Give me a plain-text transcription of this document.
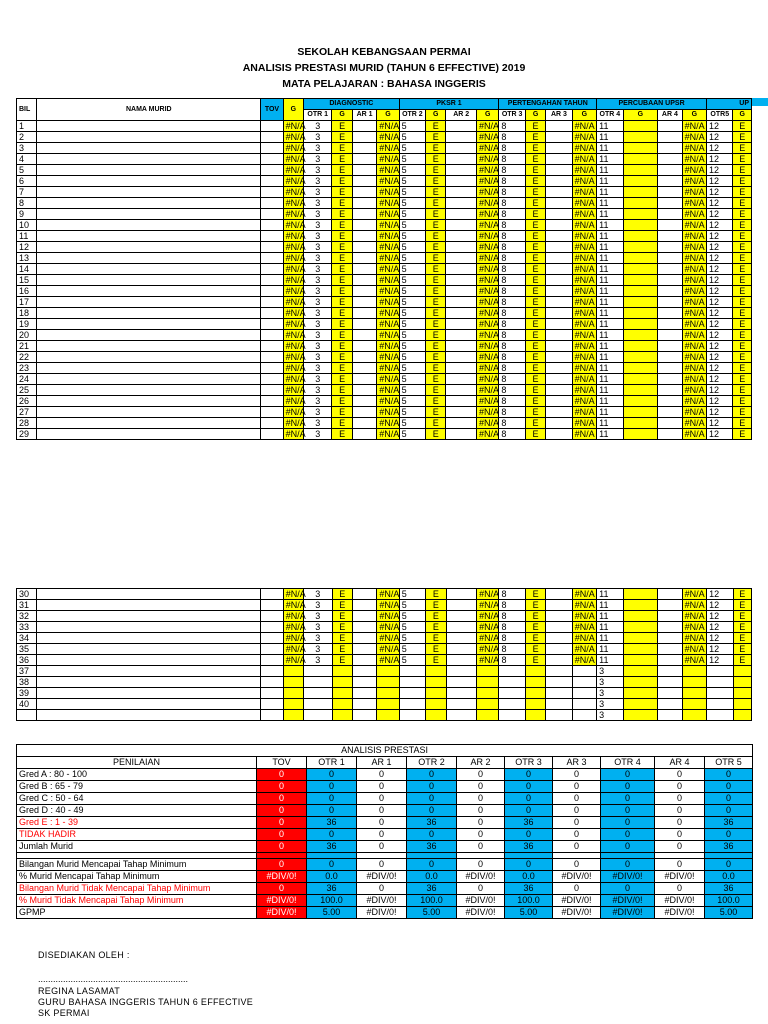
SEKOLAH KEBANGSAAN PERMAI
ANALISIS PRESTASI MURID (TAHUN 6 EFFECTIVE) 2019
MATA PELAJARAN : BAHASA INGGERIS
BIL	NAMA MURID	TOV	G	DIAGNOSTIC				PKSR 1				PERTENGAHAN TAHUN				PERCUBAAN UPSR				UP	
				OTR 1	G	AR 1	G	OTR 2	G	AR 2	G	OTR 3	G	AR 3	G	OTR 4	G	AR 4	G	OTR5	G
1			#N/A	3	E		#N/A	5	E		#N/A	8	E		#N/A	11			#N/A	12	E
2			#N/A	3	E		#N/A	5	E		#N/A	8	E		#N/A	11			#N/A	12	E
3			#N/A	3	E		#N/A	5	E		#N/A	8	E		#N/A	11			#N/A	12	E
4			#N/A	3	E		#N/A	5	E		#N/A	8	E		#N/A	11			#N/A	12	E
5			#N/A	3	E		#N/A	5	E		#N/A	8	E		#N/A	11			#N/A	12	E
6			#N/A	3	E		#N/A	5	E		#N/A	8	E		#N/A	11			#N/A	12	E
7			#N/A	3	E		#N/A	5	E		#N/A	8	E		#N/A	11			#N/A	12	E
8			#N/A	3	E		#N/A	5	E		#N/A	8	E		#N/A	11			#N/A	12	E
9			#N/A	3	E		#N/A	5	E		#N/A	8	E		#N/A	11			#N/A	12	E
10			#N/A	3	E		#N/A	5	E		#N/A	8	E		#N/A	11			#N/A	12	E
11			#N/A	3	E		#N/A	5	E		#N/A	8	E		#N/A	11			#N/A	12	E
12			#N/A	3	E		#N/A	5	E		#N/A	8	E		#N/A	11			#N/A	12	E
13			#N/A	3	E		#N/A	5	E		#N/A	8	E		#N/A	11			#N/A	12	E
14			#N/A	3	E		#N/A	5	E		#N/A	8	E		#N/A	11			#N/A	12	E
15			#N/A	3	E		#N/A	5	E		#N/A	8	E		#N/A	11			#N/A	12	E
16			#N/A	3	E		#N/A	5	E		#N/A	8	E		#N/A	11			#N/A	12	E
17			#N/A	3	E		#N/A	5	E		#N/A	8	E		#N/A	11			#N/A	12	E
18			#N/A	3	E		#N/A	5	E		#N/A	8	E		#N/A	11			#N/A	12	E
19			#N/A	3	E		#N/A	5	E		#N/A	8	E		#N/A	11			#N/A	12	E
20			#N/A	3	E		#N/A	5	E		#N/A	8	E		#N/A	11			#N/A	12	E
21			#N/A	3	E		#N/A	5	E		#N/A	8	E		#N/A	11			#N/A	12	E
22			#N/A	3	E		#N/A	5	E		#N/A	8	E		#N/A	11			#N/A	12	E
23			#N/A	3	E		#N/A	5	E		#N/A	8	E		#N/A	11			#N/A	12	E
24			#N/A	3	E		#N/A	5	E		#N/A	8	E		#N/A	11			#N/A	12	E
25			#N/A	3	E		#N/A	5	E		#N/A	8	E		#N/A	11			#N/A	12	E
26			#N/A	3	E		#N/A	5	E		#N/A	8	E		#N/A	11			#N/A	12	E
27			#N/A	3	E		#N/A	5	E		#N/A	8	E		#N/A	11			#N/A	12	E
28			#N/A	3	E		#N/A	5	E		#N/A	8	E		#N/A	11			#N/A	12	E
29			#N/A	3	E		#N/A	5	E		#N/A	8	E		#N/A	11			#N/A	12	E
30			#N/A	3	E		#N/A	5	E		#N/A	8	E		#N/A	11			#N/A	12	E
31			#N/A	3	E		#N/A	5	E		#N/A	8	E		#N/A	11			#N/A	12	E
32			#N/A	3	E		#N/A	5	E		#N/A	8	E		#N/A	11			#N/A	12	E
33			#N/A	3	E		#N/A	5	E		#N/A	8	E		#N/A	11			#N/A	12	E
34			#N/A	3	E		#N/A	5	E		#N/A	8	E		#N/A	11			#N/A	12	E
35			#N/A	3	E		#N/A	5	E		#N/A	8	E		#N/A	11			#N/A	12	E
36			#N/A	3	E		#N/A	5	E		#N/A	8	E		#N/A	11			#N/A	12	E
37																3					
38																3					
39																3					
40																3					
																3					
ANALISIS PRESTASI										
PENILAIAN	TOV	OTR 1	AR 1	OTR 2	AR 2	OTR 3	AR 3	OTR 4	AR 4	OTR 5
Gred A : 80 - 100	0	0	0	0	0	0	0	0	0	0
Gred B : 65 - 79	0	0	0	0	0	0	0	0	0	0
Gred C : 50 - 64	0	0	0	0	0	0	0	0	0	0
Gred D : 40 - 49	0	0	0	0	0	0	0	0	0	0
Gred E : 1 - 39	0	36	0	36	0	36	0	0	0	36
TIDAK HADIR	0	0	0	0	0	0	0	0	0	0
Jumlah Murid	0	36	0	36	0	36	0	0	0	36

Bilangan Murid Mencapai Tahap Minimum	0	0	0	0	0	0	0	0	0	0
% Murid Mencapai Tahap Minimum	#DIV/0!	0.0	#DIV/0!	0.0	#DIV/0!	0.0	#DIV/0!	#DIV/0!	#DIV/0!	0.0
Bilangan Murid Tidak Mencapai Tahap Minimum	0	36	0	36	0	36	0	0	0	36
% Murid Tidak Mencapai Tahap Minimum	#DIV/0!	100.0	#DIV/0!	100.0	#DIV/0!	100.0	#DIV/0!	#DIV/0!	#DIV/0!	100.0
GPMP	#DIV/0!	5.00	#DIV/0!	5.00	#DIV/0!	5.00	#DIV/0!	#DIV/0!	#DIV/0!	5.00
DISEDIAKAN OLEH :
............................................................
REGINA LASAMAT
GURU BAHASA INGGERIS TAHUN 6 EFFECTIVE
SK PERMAI
